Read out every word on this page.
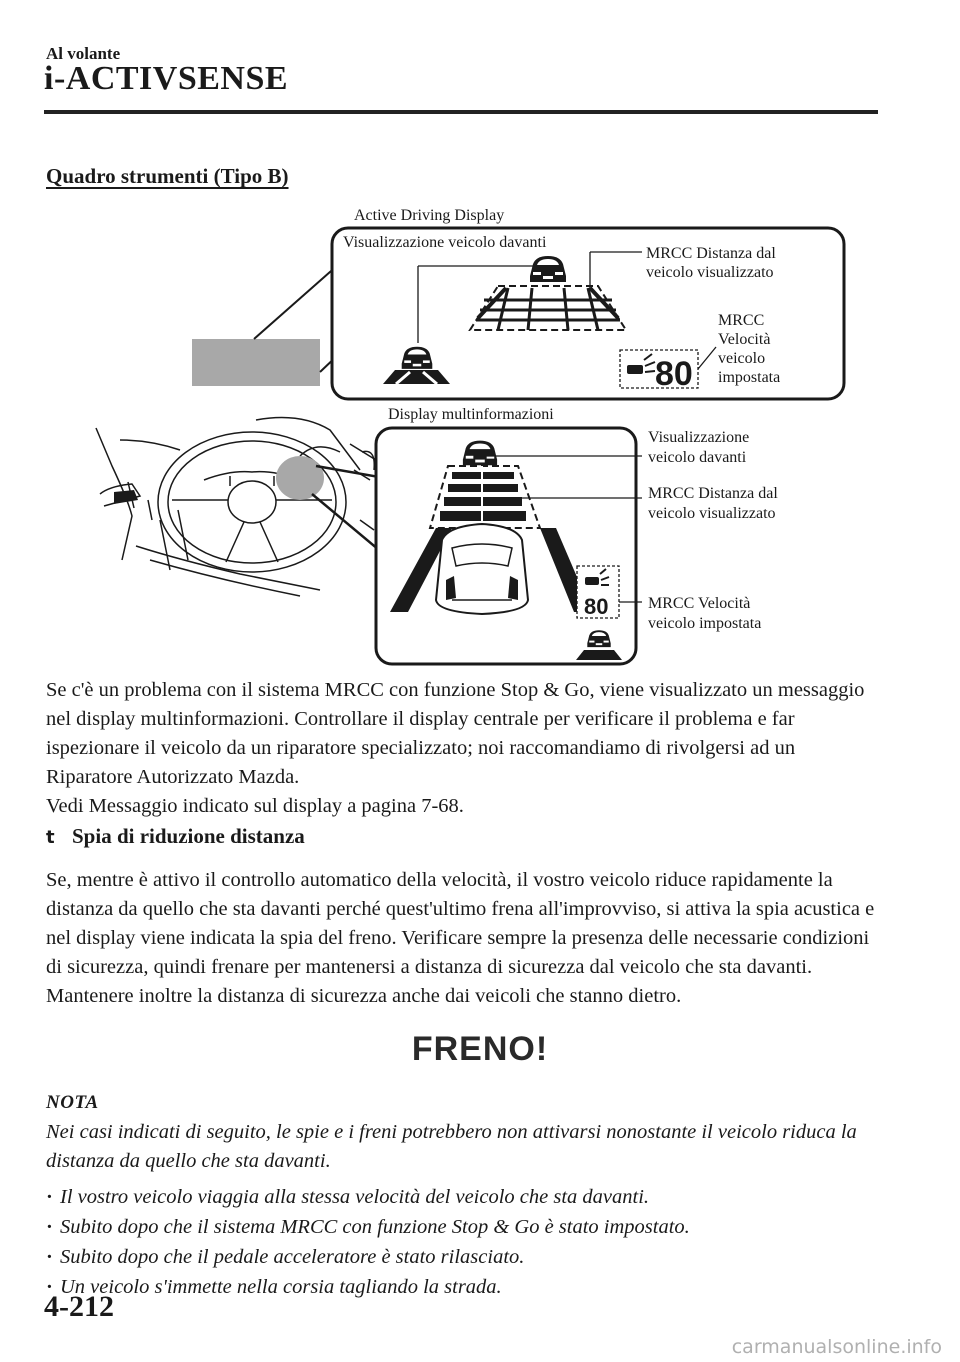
Al volante
i-ACTIVSENSE
Quadro strumenti (Tipo B)
Active Driving Display
Visualizzazione veicolo davanti
MRCC Distanza dal
veicolo visualizzato
80
MRCC
Velocità
veicolo
impostata
Display multinformazioni
80
Visualizzazione
veicolo davanti
MRCC Distanza dal
veicolo visualizzato
MRCC Velocità
veicolo impostata

Se c'è un problema con il sistema MRCC con funzione Stop & Go, viene visualizzato un messaggio nel display multinformazioni. Controllare il display centrale per verificare il problema e far ispezionare il veicolo da un riparatore specializzato; noi raccomandiamo di rivolgersi ad un Riparatore Autorizzato Mazda.
Vedi Messaggio indicato sul display a pagina 7-68.

t Spia di riduzione distanza

Se, mentre è attivo il controllo automatico della velocità, il vostro veicolo riduce rapidamente la distanza da quello che sta davanti perché quest'ultimo frena all'improvviso, si attiva la spia acustica e nel display viene indicata la spia del freno. Verificare sempre la presenza delle necessarie condizioni di sicurezza, quindi frenare per mantenersi a distanza di sicurezza dal veicolo che sta davanti. Mantenere inoltre la distanza di sicurezza anche dai veicoli che stanno dietro.

FRENO!
NOTA

Nei casi indicati di seguito, le spie e i freni potrebbero non attivarsi nonostante il veicolo riduca la distanza da quello che sta davanti.

· Il vostro veicolo viaggia alla stessa velocità del veicolo che sta davanti.
· Subito dopo che il sistema MRCC con funzione Stop & Go è stato impostato.
· Subito dopo che il pedale acceleratore è stato rilasciato.
· Un veicolo s'immette nella corsia tagliando la strada.
4-212
carmanualsonline.info
